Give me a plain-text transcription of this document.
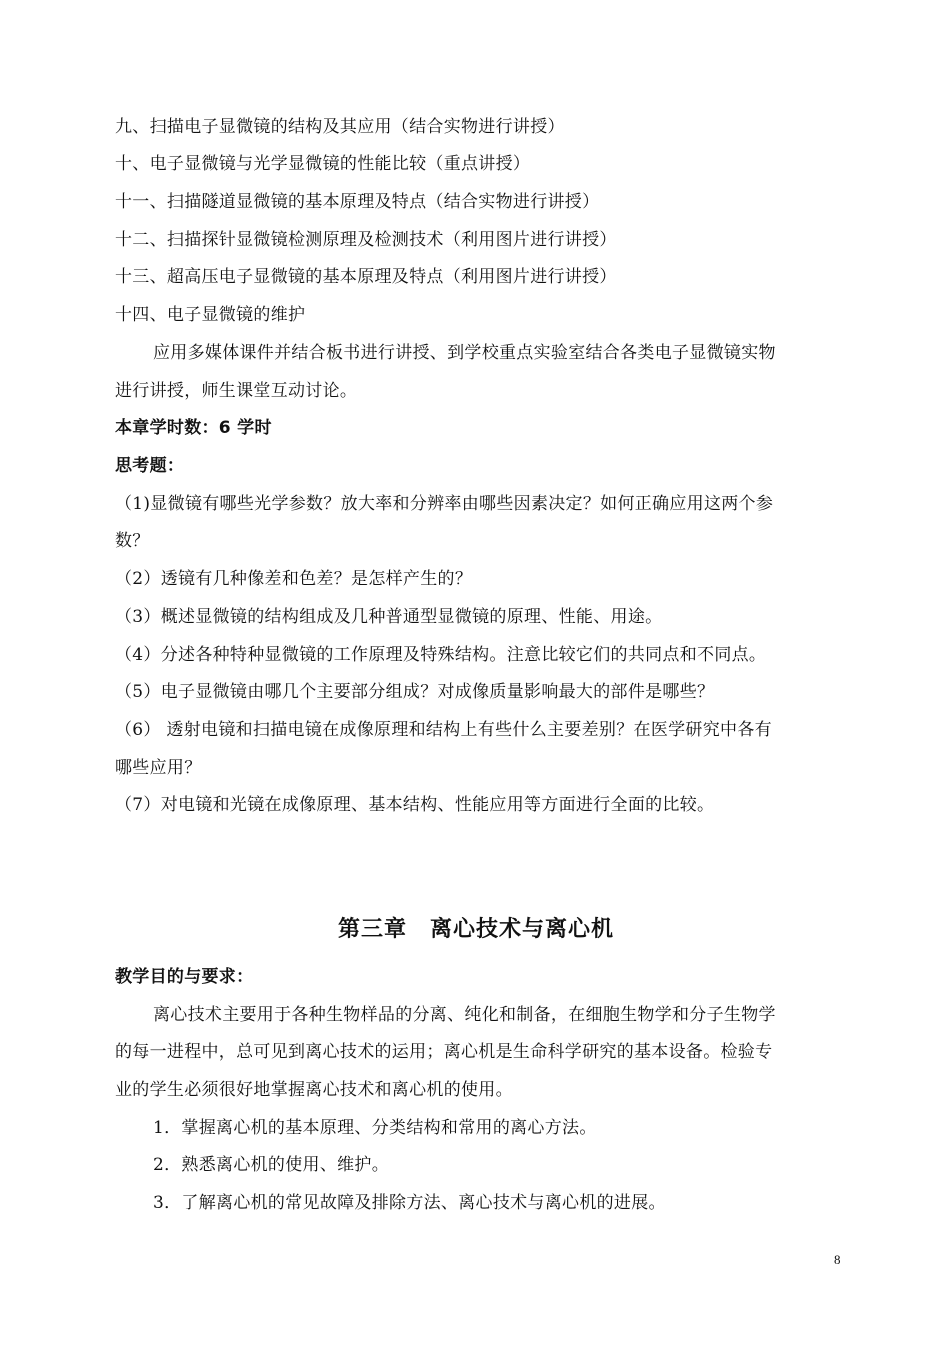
九、扫描电子显微镜的结构及其应用（结合实物进行讲授）
十、电子显微镜与光学显微镜的性能比较（重点讲授）
十一、扫描隧道显微镜的基本原理及特点（结合实物进行讲授）
十二、扫描探针显微镜检测原理及检测技术（利用图片进行讲授）
十三、超高压电子显微镜的基本原理及特点（利用图片进行讲授）
十四、电子显微镜的维护
应用多媒体课件并结合板书进行讲授、到学校重点实验室结合各类电子显微镜实物
进行讲授，师生课堂互动讨论。
本章学时数：6 学时
思考题：
（1)显微镜有哪些光学参数？放大率和分辨率由哪些因素决定？如何正确应用这两个参
数？
（2）透镜有几种像差和色差？是怎样产生的？
（3）概述显微镜的结构组成及几种普通型显微镜的原理、性能、用途。
（4）分述各种特种显微镜的工作原理及特殊结构。注意比较它们的共同点和不同点。
（5）电子显微镜由哪几个主要部分组成？对成像质量影响最大的部件是哪些？
（6） 透射电镜和扫描电镜在成像原理和结构上有些什么主要差别？在医学研究中各有
哪些应用？
（7）对电镜和光镜在成像原理、基本结构、性能应用等方面进行全面的比较。
第三章　离心技术与离心机
教学目的与要求：
离心技术主要用于各种生物样品的分离、纯化和制备，在细胞生物学和分子生物学
的每一进程中，总可见到离心技术的运用；离心机是生命科学研究的基本设备。检验专
业的学生必须很好地掌握离心技术和离心机的使用。
1．掌握离心机的基本原理、分类结构和常用的离心方法。
2．熟悉离心机的使用、维护。
3．了解离心机的常见故障及排除方法、离心技术与离心机的进展。
8
